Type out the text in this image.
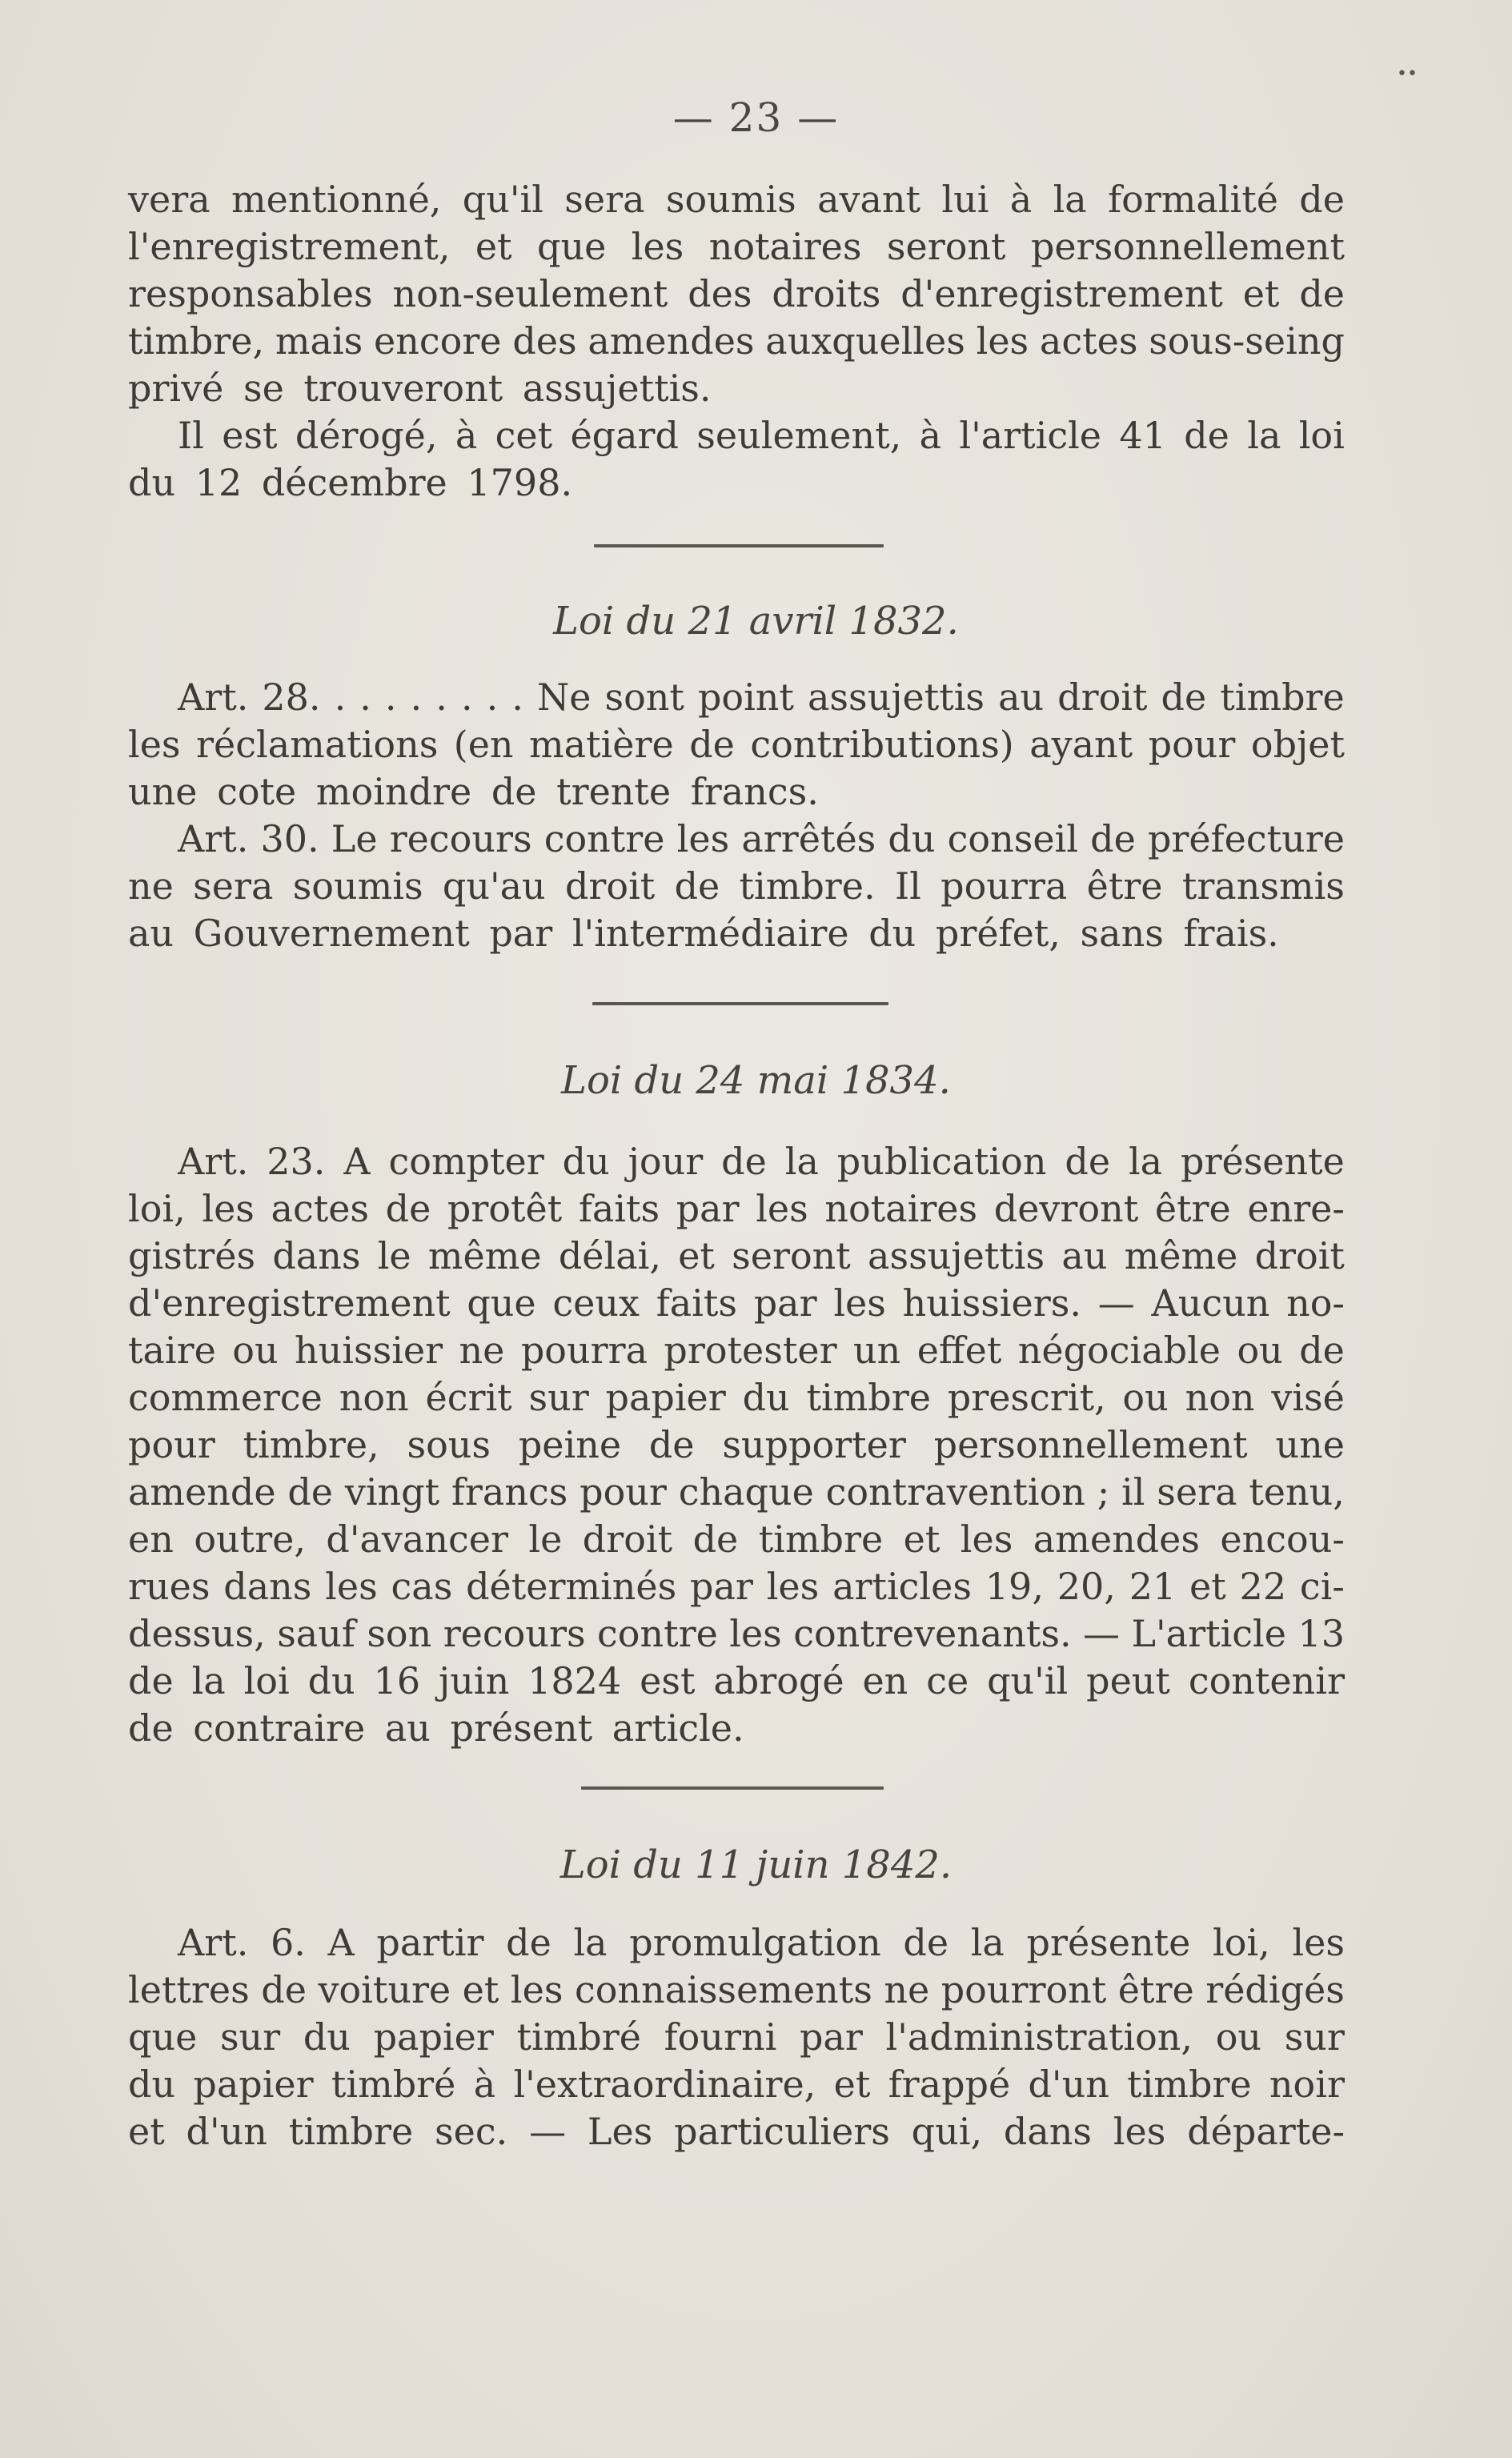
••
— 23 —
vera mentionné, qu'il sera soumis avant lui à la formalité de
l'enregistrement, et que les notaires seront personnellement
responsables non-seulement des droits d'enregistrement et de
timbre, mais encore des amendes auxquelles les actes sous-seing
privé se trouveront assujettis.
Il est dérogé, à cet égard seulement, à l'article 41 de la loi
du 12 décembre 1798.
Loi du 21 avril 1832.
Art. 28. . . . . . . . . Ne sont point assujettis au droit de timbre
les réclamations (en matière de contributions) ayant pour objet
une cote moindre de trente francs.
Art. 30. Le recours contre les arrêtés du conseil de préfecture
ne sera soumis qu'au droit de timbre. Il pourra être transmis
au Gouvernement par l'intermédiaire du préfet, sans frais.
Loi du 24 mai 1834.
Art. 23. A compter du jour de la publication de la présente
loi, les actes de protêt faits par les notaires devront être enre-
gistrés dans le même délai, et seront assujettis au même droit
d'enregistrement que ceux faits par les huissiers. — Aucun no-
taire ou huissier ne pourra protester un effet négociable ou de
commerce non écrit sur papier du timbre prescrit, ou non visé
pour timbre, sous peine de supporter personnellement une
amende de vingt francs pour chaque contravention ; il sera tenu,
en outre, d'avancer le droit de timbre et les amendes encou-
rues dans les cas déterminés par les articles 19, 20, 21 et 22 ci-
dessus, sauf son recours contre les contrevenants. — L'article 13
de la loi du 16 juin 1824 est abrogé en ce qu'il peut contenir
de contraire au présent article.
Loi du 11 juin 1842.
Art. 6. A partir de la promulgation de la présente loi, les
lettres de voiture et les connaissements ne pourront être rédigés
que sur du papier timbré fourni par l'administration, ou sur
du papier timbré à l'extraordinaire, et frappé d'un timbre noir
et d'un timbre sec. — Les particuliers qui, dans les départe-
